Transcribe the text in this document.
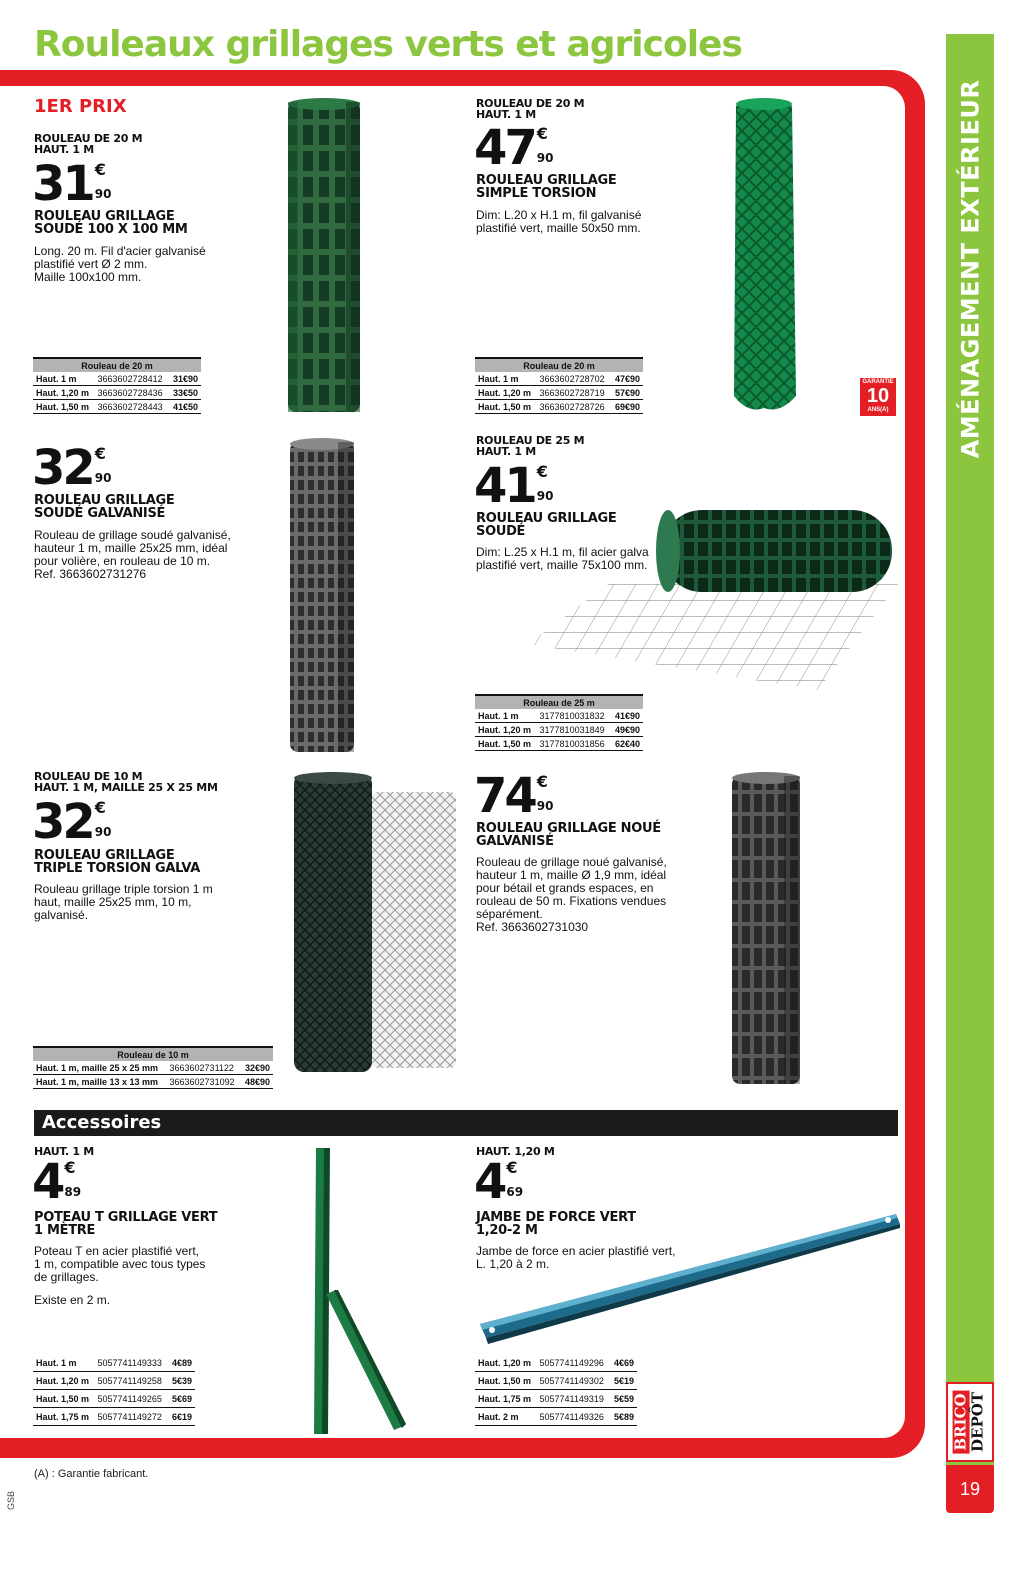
AMÉNAGEMENT EXTÉRIEUR
BRICO DEPÔT
19
Rouleaux grillages verts et agricoles
1ER PRIX
ROULEAU DE 20 M
HAUT. 1 M
31 €
90
ROULEAU GRILLAGE
SOUDÉ 100 X 100 MM
Long. 20 m. Fil d'acier galvanisé
plastifié vert Ø 2 mm.
Maille 100x100 mm.
Rouleau de 20 m		
Haut. 1 m	3663602728412	31€90
Haut. 1,20 m	3663602728436	33€50
Haut. 1,50 m	3663602728443	41€50
ROULEAU DE 20 M
HAUT. 1 M
47 €
90
ROULEAU GRILLAGE
SIMPLE TORSION
Dim: L.20 x H.1 m, fil galvanisé
plastifié vert, maille 50x50 mm.
Rouleau de 20 m		
Haut. 1 m	3663602728702	47€90
Haut. 1,20 m	3663602728719	57€90
Haut. 1,50 m	3663602728726	69€90
GARANTIE
10
ANS(A)
32 €
90
ROULEAU GRILLAGE
SOUDÉ GALVANISÉ
Rouleau de grillage soudé galvanisé,
hauteur 1 m, maille 25x25 mm, idéal
pour volière, en rouleau de 10 m.
Ref. 3663602731276
ROULEAU DE 25 M
HAUT. 1 M
41 €
90
ROULEAU GRILLAGE
SOUDÉ
Dim: L.25 x H.1 m, fil acier galva
plastifié vert, maille 75x100 mm.
Rouleau de 25 m		
Haut. 1 m	3177810031832	41€90
Haut. 1,20 m	3177810031849	49€90
Haut. 1,50 m	3177810031856	62€40
ROULEAU DE 10 M
HAUT. 1 M, MAILLE 25 X 25 MM
32 €
90
ROULEAU GRILLAGE
TRIPLE TORSION GALVA
Rouleau grillage triple torsion 1 m
haut, maille 25x25 mm, 10 m,
galvanisé.
Rouleau de 10 m		
Haut. 1 m, maille 25 x 25 mm	3663602731122	32€90
Haut. 1 m, maille 13 x 13 mm	3663602731092	48€90
74 €
90
ROULEAU GRILLAGE NOUÉ
GALVANISÉ
Rouleau de grillage noué galvanisé,
hauteur 1 m, maille Ø 1,9 mm, idéal
pour bétail et grands espaces, en
rouleau de 50 m. Fixations vendues
séparément.
Ref. 3663602731030
Accessoires
HAUT. 1 M
4 €
89
POTEAU T GRILLAGE VERT
1 MÈTRE
Poteau T en acier plastifié vert,
1 m, compatible avec tous types
de grillages.
Existe en 2 m.
Haut. 1 m	5057741149333	4€89
Haut. 1,20 m	5057741149258	5€39
Haut. 1,50 m	5057741149265	5€69
Haut. 1,75 m	5057741149272	6€19
HAUT. 1,20 M
4 €
69
JAMBE DE FORCE VERT
1,20-2 M
Jambe de force en acier plastifié vert,
L. 1,20 à 2 m.
Haut. 1,20 m	5057741149296	4€69
Haut. 1,50 m	5057741149302	5€19
Haut. 1,75 m	5057741149319	5€59
Haut. 2 m	5057741149326	5€89
(A) : Garantie fabricant.
GSB
